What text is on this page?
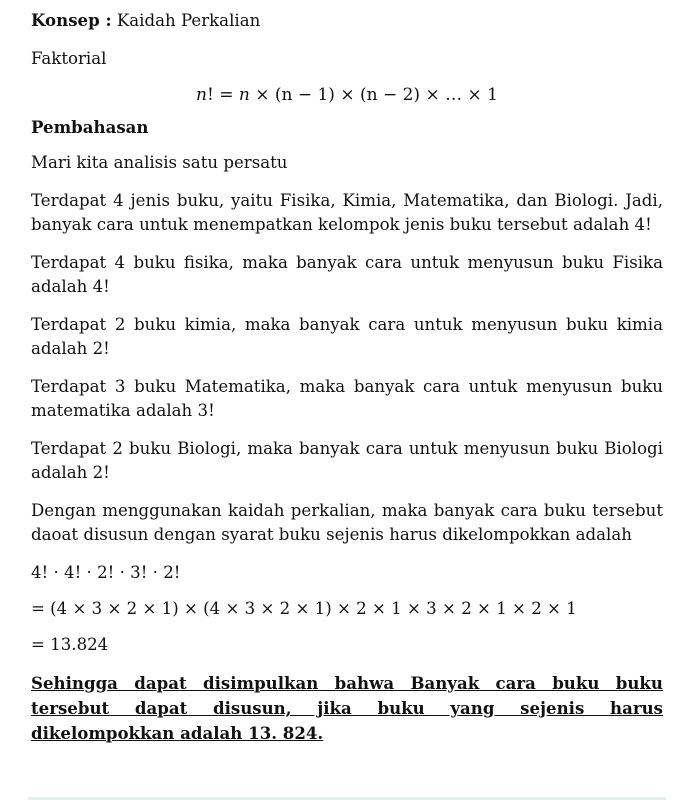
Konsep : Kaidah Perkalian

Faktorial

n! = n × (n − 1) × (n − 2) × … × 1

Pembahasan

Mari kita analisis satu persatu

Terdapat 4 jenis buku, yaitu Fisika, Kimia, Matematika, dan Biologi. Jadi, banyak cara untuk menempatkan kelompok jenis buku tersebut adalah 4!

Terdapat 4 buku fisika, maka banyak cara untuk menyusun buku Fisika adalah 4!

Terdapat 2 buku kimia, maka banyak cara untuk menyusun buku kimia adalah 2!

Terdapat 3 buku Matematika, maka banyak cara untuk menyusun buku matematika adalah 3!

Terdapat 2 buku Biologi, maka banyak cara untuk menyusun buku Biologi adalah 2!

Dengan menggunakan kaidah perkalian, maka banyak cara buku tersebut daoat disusun dengan syarat buku sejenis harus dikelompokkan adalah

4! · 4! · 2! · 3! · 2!

= (4 × 3 × 2 × 1) × (4 × 3 × 2 × 1) × 2 × 1 × 3 × 2 × 1 × 2 × 1

= 13.824

Sehingga dapat disimpulkan bahwa Banyak cara buku buku tersebut dapat disusun, jika buku yang sejenis harus dikelompokkan adalah 13. 824.
